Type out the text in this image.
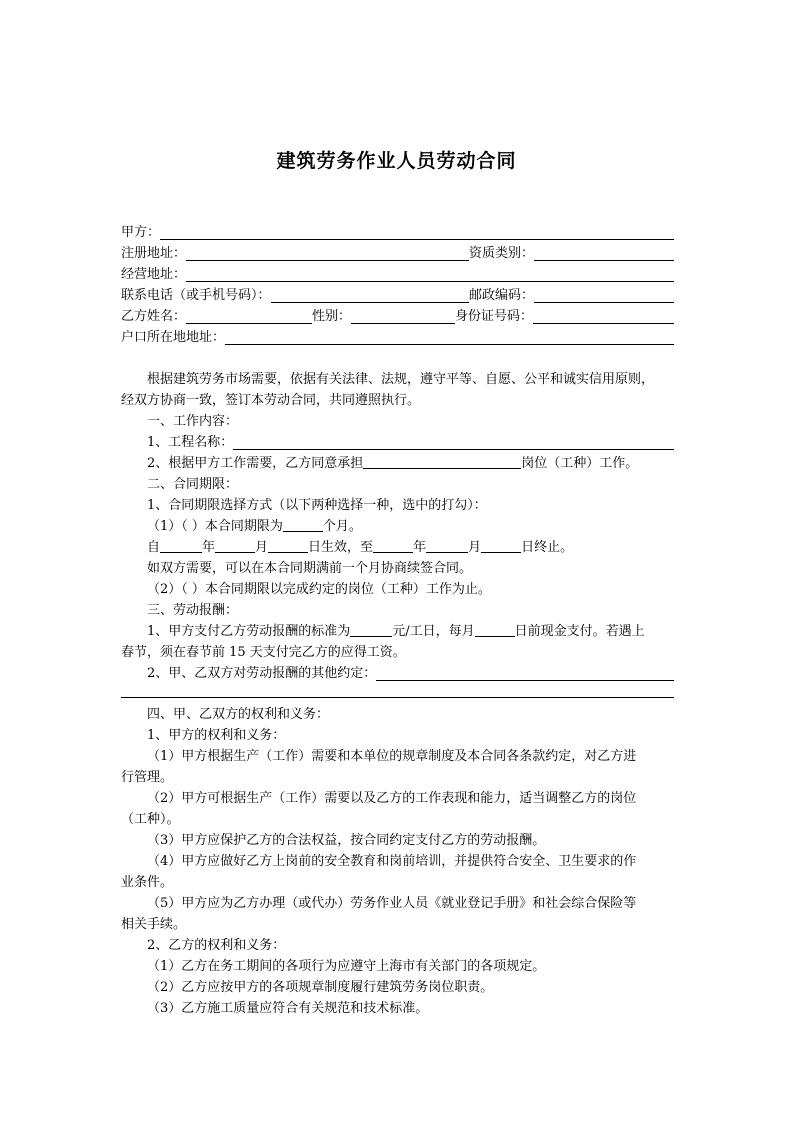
建筑劳务作业人员劳动合同
甲方：
注册地址：	资质类别：
经营地址：
联系电话（或手机号码）：	邮政编码：
乙方姓名：	性别：	身份证号码：
户口所在地地址：
根据建筑劳务市场需要，依据有关法律、法规，遵守平等、自愿、公平和诚实信用原则，
经双方协商一致，签订本劳动合同，共同遵照执行。
一、工作内容：
1、工程名称：
2、根据甲方工作需要，乙方同意承担	岗位（工种）工作。
二、合同期限：
1、合同期限选择方式（以下两种选择一种，选中的打勾）：
（1）（ ）本合同期限为	个月。
自	年	月	日生效，至	年	月	日终止。
如双方需要，可以在本合同期满前一个月协商续签合同。
（2）（ ）本合同期限以完成约定的岗位（工种）工作为止。
三、劳动报酬：
1、甲方支付乙方劳动报酬的标准为	元/工日，每月	日前现金支付。若遇上
春节，须在春节前 15 天支付完乙方的应得工资。
2、甲、乙双方对劳动报酬的其他约定：
四、甲、乙双方的权利和义务：
1、甲方的权利和义务：
（1）甲方根据生产（工作）需要和本单位的规章制度及本合同各条款约定，对乙方进
行管理。
（2）甲方可根据生产（工作）需要以及乙方的工作表现和能力，适当调整乙方的岗位
（工种）。
（3）甲方应保护乙方的合法权益，按合同约定支付乙方的劳动报酬。
（4）甲方应做好乙方上岗前的安全教育和岗前培训，并提供符合安全、卫生要求的作
业条件。
（5）甲方应为乙方办理（或代办）劳务作业人员《就业登记手册》和社会综合保险等
相关手续。
2、乙方的权利和义务：
（1）乙方在务工期间的各项行为应遵守上海市有关部门的各项规定。
（2）乙方应按甲方的各项规章制度履行建筑劳务岗位职责。
（3）乙方施工质量应符合有关规范和技术标准。
